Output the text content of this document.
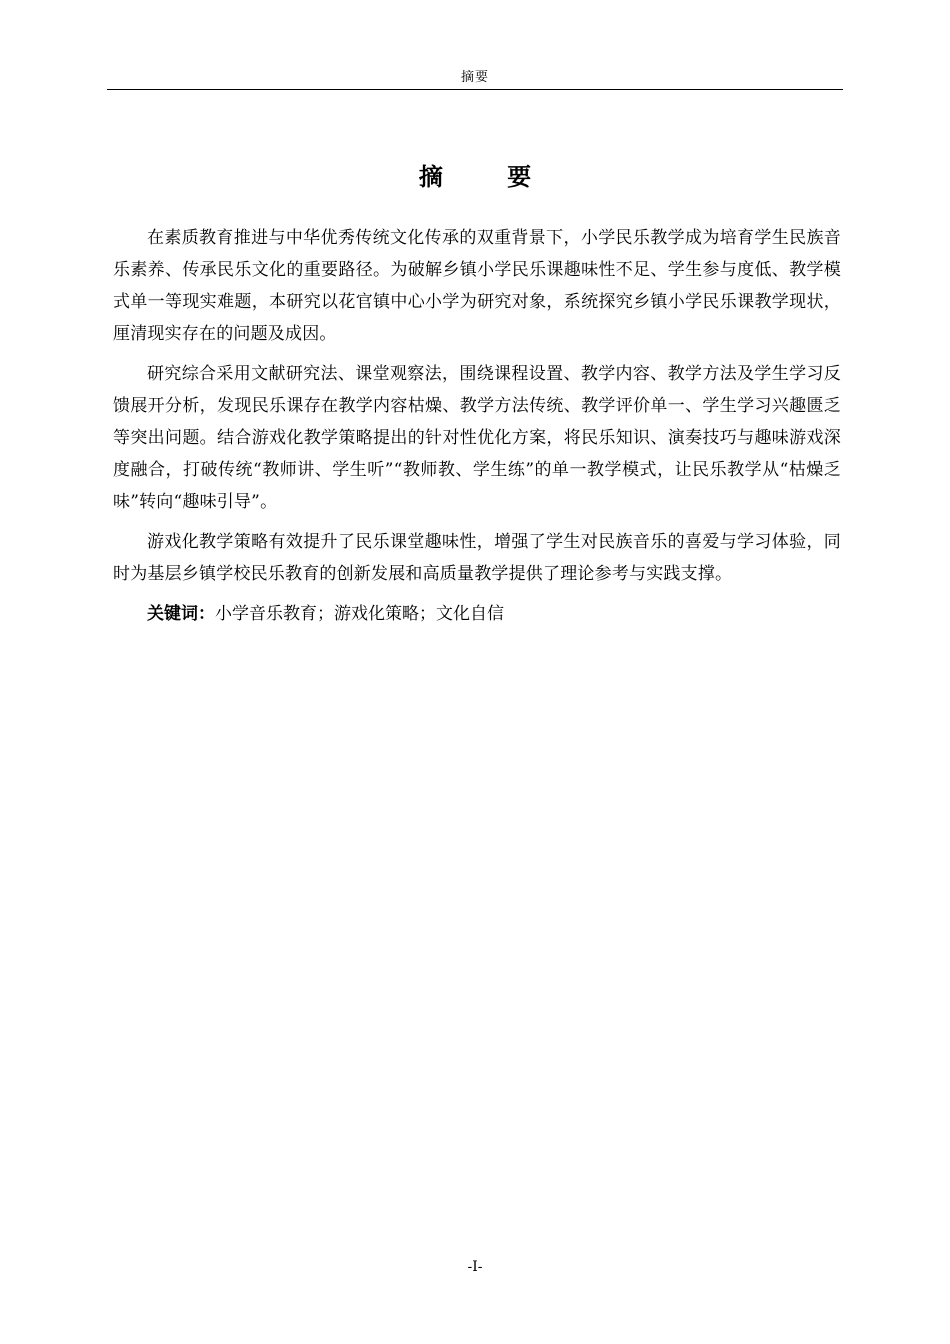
摘要
摘 要

在素质教育推进与中华优秀传统文化传承的双重背景下，小学民乐教学成为培育学生民族音乐素养、传承民乐文化的重要路径。为破解乡镇小学民乐课趣味性不足、学生参与度低、教学模式单一等现实难题，本研究以花官镇中心小学为研究对象，系统探究乡镇小学民乐课教学现状，厘清现实存在的问题及成因。

研究综合采用文献研究法、课堂观察法，围绕课程设置、教学内容、教学方法及学生学习反馈展开分析，发现民乐课存在教学内容枯燥、教学方法传统、教学评价单一、学生学习兴趣匮乏等突出问题。结合游戏化教学策略提出的针对性优化方案，将民乐知识、演奏技巧与趣味游戏深度融合，打破传统“教师讲、学生听”“教师教、学生练”的单一教学模式，让民乐教学从“枯燥乏味”转向“趣味引导”。

游戏化教学策略有效提升了民乐课堂趣味性，增强了学生对民族音乐的喜爱与学习体验，同时为基层乡镇学校民乐教育的创新发展和高质量教学提供了理论参考与实践支撑。

关键词：小学音乐教育；游戏化策略；文化自信

-I-
